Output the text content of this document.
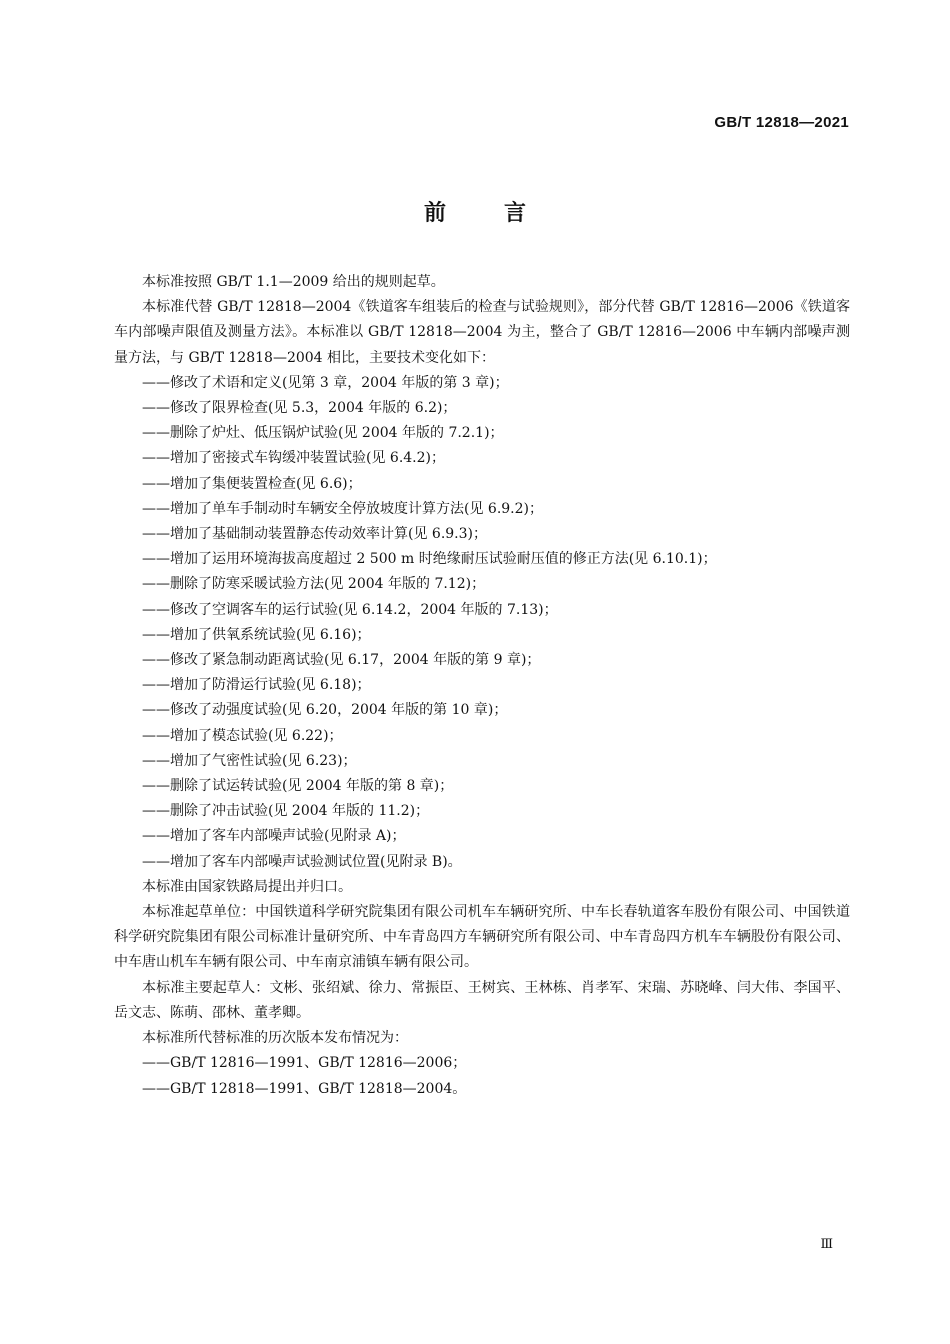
GB/T 12818—2021
前言

本标准按照 GB/T 1.1—2009 给出的规则起草。

本标准代替 GB/T 12818—2004《铁道客车组装后的检查与试验规则》，部分代替 GB/T 12816—2006《铁道客车内部噪声限值及测量方法》。本标准以 GB/T 12818—2004 为主，整合了 GB/T 12816—2006 中车辆内部噪声测量方法，与 GB/T 12818—2004 相比，主要技术变化如下：

——修改了术语和定义(见第 3 章，2004 年版的第 3 章)；

——修改了限界检查(见 5.3，2004 年版的 6.2)；

——删除了炉灶、低压锅炉试验(见 2004 年版的 7.2.1)；

——增加了密接式车钩缓冲装置试验(见 6.4.2)；

——增加了集便装置检查(见 6.6)；

——增加了单车手制动时车辆安全停放坡度计算方法(见 6.9.2)；

——增加了基础制动装置静态传动效率计算(见 6.9.3)；

——增加了运用环境海拔高度超过 2 500 m 时绝缘耐压试验耐压值的修正方法(见 6.10.1)；

——删除了防寒采暖试验方法(见 2004 年版的 7.12)；

——修改了空调客车的运行试验(见 6.14.2，2004 年版的 7.13)；

——增加了供氧系统试验(见 6.16)；

——修改了紧急制动距离试验(见 6.17，2004 年版的第 9 章)；

——增加了防滑运行试验(见 6.18)；

——修改了动强度试验(见 6.20，2004 年版的第 10 章)；

——增加了模态试验(见 6.22)；

——增加了气密性试验(见 6.23)；

——删除了试运转试验(见 2004 年版的第 8 章)；

——删除了冲击试验(见 2004 年版的 11.2)；

——增加了客车内部噪声试验(见附录 A)；

——增加了客车内部噪声试验测试位置(见附录 B)。

本标准由国家铁路局提出并归口。

本标准起草单位：中国铁道科学研究院集团有限公司机车车辆研究所、中车长春轨道客车股份有限公司、中国铁道科学研究院集团有限公司标准计量研究所、中车青岛四方车辆研究所有限公司、中车青岛四方机车车辆股份有限公司、中车唐山机车车辆有限公司、中车南京浦镇车辆有限公司。

本标准主要起草人：文彬、张绍斌、徐力、常振臣、王树宾、王林栋、肖孝军、宋瑞、苏晓峰、闫大伟、李国平、岳文志、陈萌、邵林、董孝卿。

本标准所代替标准的历次版本发布情况为：

——GB/T 12816—1991、GB/T 12816—2006；

——GB/T 12818—1991、GB/T 12818—2004。

Ⅲ
